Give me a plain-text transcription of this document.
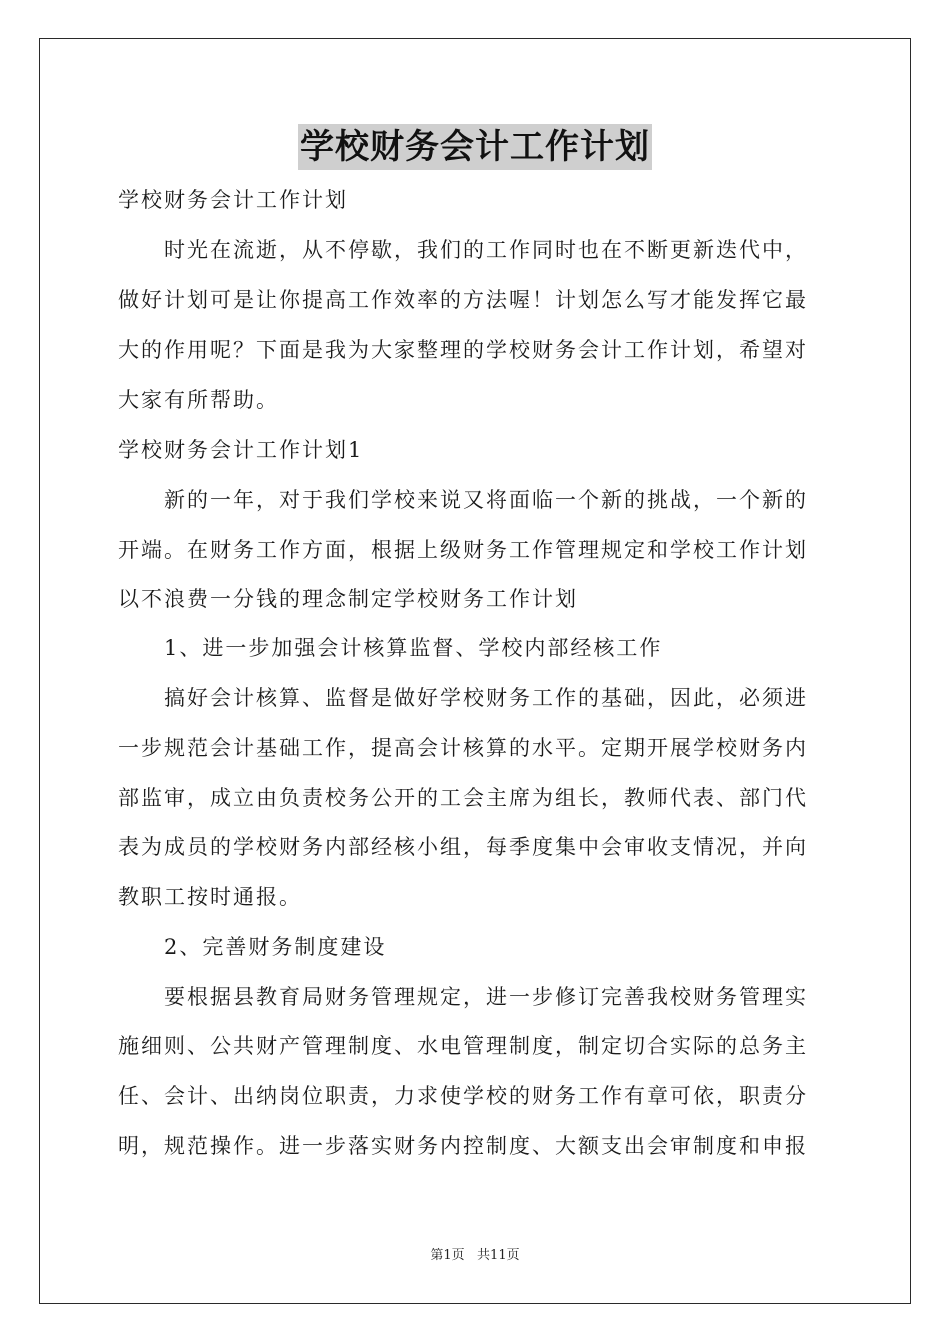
学校财务会计工作计划
学校财务会计工作计划
时光在流逝，从不停歇，我们的工作同时也在不断更新迭代中，
做好计划可是让你提高工作效率的方法喔！计划怎么写才能发挥它最
大的作用呢？下面是我为大家整理的学校财务会计工作计划，希望对
大家有所帮助。
学校财务会计工作计划1
新的一年，对于我们学校来说又将面临一个新的挑战，一个新的
开端。在财务工作方面，根据上级财务工作管理规定和学校工作计划
以不浪费一分钱的理念制定学校财务工作计划
1、进一步加强会计核算监督、学校内部经核工作
搞好会计核算、监督是做好学校财务工作的基础，因此，必须进
一步规范会计基础工作，提高会计核算的水平。定期开展学校财务内
部监审，成立由负责校务公开的工会主席为组长，教师代表、部门代
表为成员的学校财务内部经核小组，每季度集中会审收支情况，并向
教职工按时通报。
2、完善财务制度建设
要根据县教育局财务管理规定，进一步修订完善我校财务管理实
施细则、公共财产管理制度、水电管理制度，制定切合实际的总务主
任、会计、出纳岗位职责，力求使学校的财务工作有章可依，职责分
明，规范操作。进一步落实财务内控制度、大额支出会审制度和申报
第1页   共11页
